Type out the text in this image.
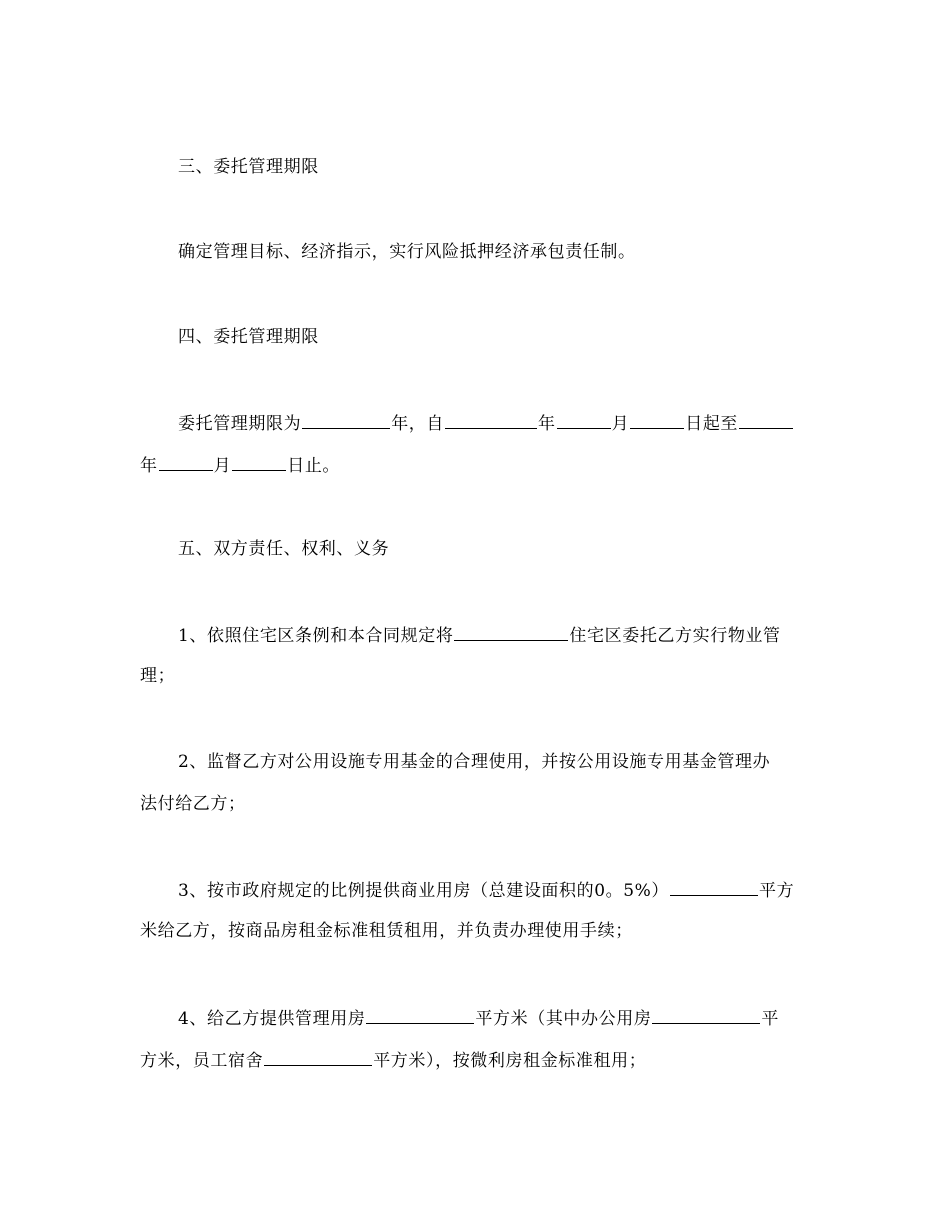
三、委托管理期限
确定管理目标、经济指示，实行风险抵押经济承包责任制。
四、委托管理期限
委托管理期限为	年，自	年	月	日起至
年	月	日止。
五、双方责任、权利、义务
1、依照住宅区条例和本合同规定将	住宅区委托乙方实行物业管
理；
2、监督乙方对公用设施专用基金的合理使用，并按公用设施专用基金管理办
法付给乙方；
3、按市政府规定的比例提供商业用房（总建设面积的0。5%）	平方
米给乙方，按商品房租金标准租赁租用，并负责办理使用手续；
4、给乙方提供管理用房	平方米（其中办公用房	平
方米，员工宿舍	平方米），按微利房租金标准租用；
